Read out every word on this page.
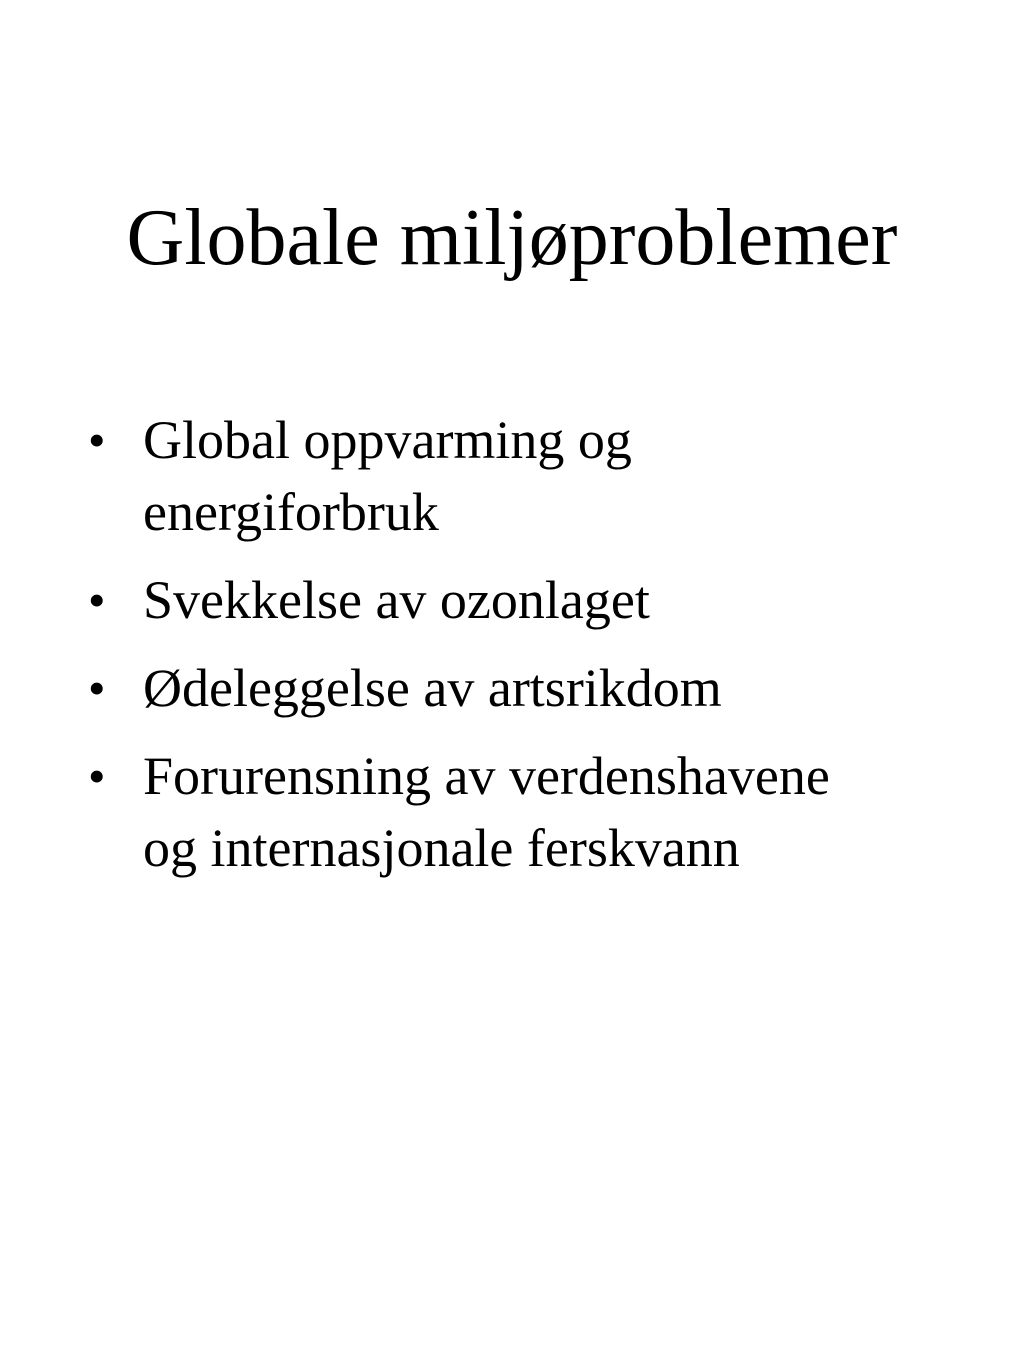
Globale miljøproblemer
• Global oppvarming og
energiforbruk
• Svekkelse av ozonlaget
• Ødeleggelse av artsrikdom
• Forurensning av verdenshavene
og internasjonale ferskvann
